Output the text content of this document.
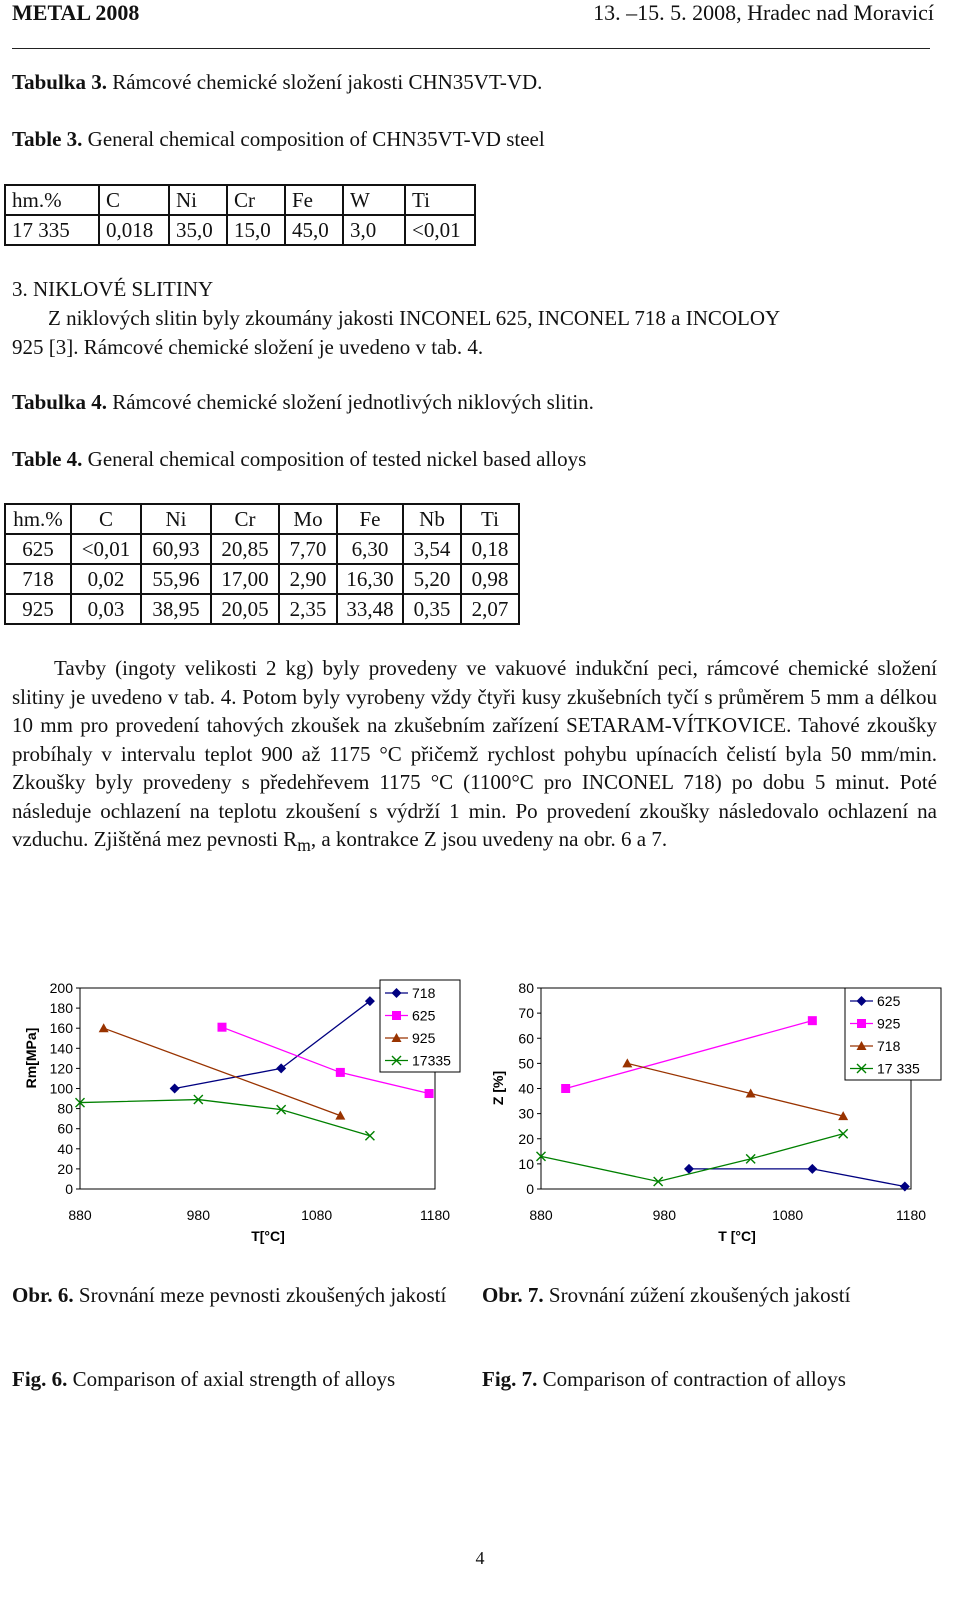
METAL 2008	13. –15. 5. 2008, Hradec nad Moravicí
Tabulka 3. Rámcové chemické složení jakosti CHN35VT-VD.
Table 3. General chemical composition of CHN35VT-VD steel
hm.%	C	Ni	Cr	Fe	W	Ti
17 335	0,018	35,0	15,0	45,0	3,0	<0,01
3. NIKLOVÉ SLITINY
Z niklových slitin byly zkoumány jakosti INCONEL 625, INCONEL 718 a INCOLOY
925 [3]. Rámcové chemické složení je uvedeno v tab. 4.
Tabulka 4. Rámcové chemické složení jednotlivých niklových slitin.
Table 4. General chemical composition of tested nickel based alloys
hm.%	C	Ni	Cr	Mo	Fe	Nb	Ti
625	<0,01	60,93	20,85	7,70	6,30	3,54	0,18
718	0,02	55,96	17,00	2,90	16,30	5,20	0,98
925	0,03	38,95	20,05	2,35	33,48	0,35	2,07
Tavby (ingoty velikosti 2 kg) byly provedeny ve vakuové indukční peci, rámcové chemické složení slitiny je uvedeno v tab. 4. Potom byly vyrobeny vždy čtyři kusy zkušebních tyčí s průměrem 5 mm a délkou 10 mm pro provedení tahových zkoušek na zkušebním zařízení SETARAM-VÍTKOVICE. Tahové zkoušky probíhaly v intervalu teplot 900 až 1175 °C přičemž rychlost pohybu upínacích čelistí byla 50 mm/min. Zkoušky byly provedeny s předehřevem 1175 °C (1100°C pro INCONEL 718) po dobu 5 minut. Poté následuje ochlazení na teplotu zkoušení s výdrží 1 min. Po provedení zkoušky následovalo ochlazení na vzduchu. Zjištěná mez pevnosti $R_m$, a kontrakce Z jsou uvedeny na obr. 6 a 7.
0
20
40
60
80
100
120
140
160
180
200
880	980	1080	1180
T[°C]
Rm[MPa]
718
625
925
17335
0
10
20
30
40
50
60
70
80
880	980	1080	1180
T [°C]
Z [%]
625
925
718
17 335
Obr. 6. Srovnání meze pevnosti zkoušených jakostí
Fig. 6. Comparison of axial strength of alloys
Obr. 7. Srovnání zúžení zkoušených jakostí
Fig. 7. Comparison of contraction of alloys
4
